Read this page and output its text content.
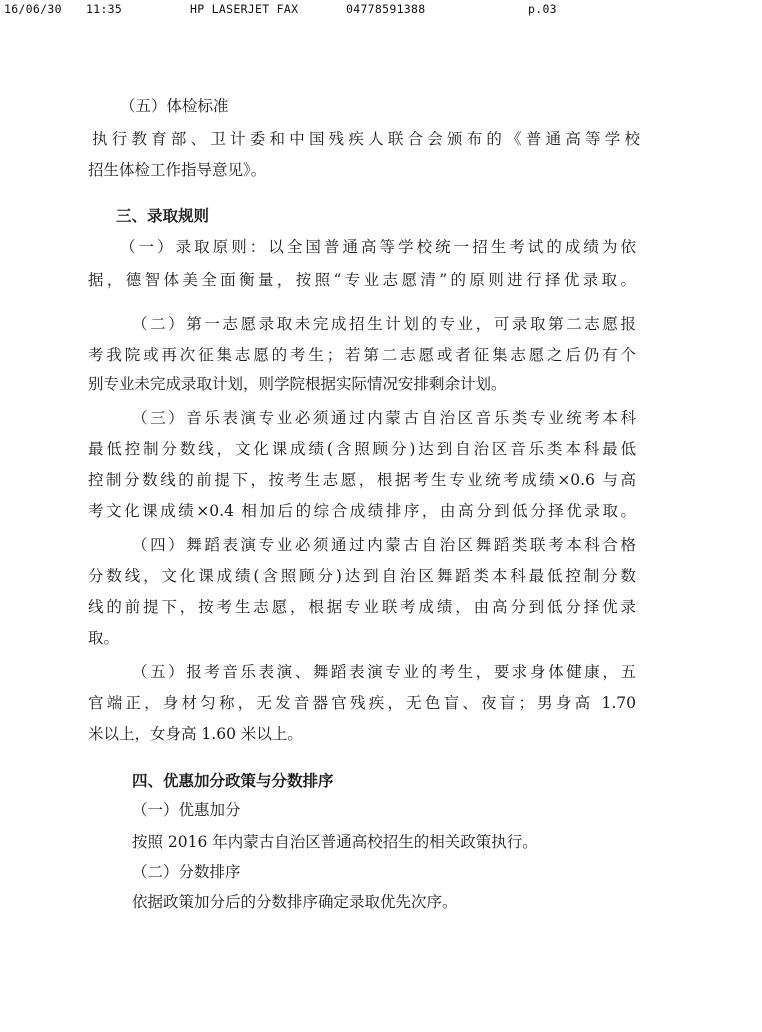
16/06/30 11:35	HP LASERJET FAX	04778591388	p.03
（五）体检标准
执行教育部、卫计委和中国残疾人联合会颁布的《普通高等学校
招生体检工作指导意见》。
三、录取规则
（一）录取原则：以全国普通高等学校统一招生考试的成绩为依
据，德智体美全面衡量，按照“专业志愿清”的原则进行择优录取。
（二）第一志愿录取未完成招生计划的专业，可录取第二志愿报
考我院或再次征集志愿的考生；若第二志愿或者征集志愿之后仍有个
别专业未完成录取计划，则学院根据实际情况安排剩余计划。
（三）音乐表演专业必须通过内蒙古自治区音乐类专业统考本科
最低控制分数线，文化课成绩(含照顾分)达到自治区音乐类本科最低
控制分数线的前提下，按考生志愿，根据考生专业统考成绩×0.6 与高
考文化课成绩×0.4 相加后的综合成绩排序，由高分到低分择优录取。
（四）舞蹈表演专业必须通过内蒙古自治区舞蹈类联考本科合格
分数线，文化课成绩(含照顾分)达到自治区舞蹈类本科最低控制分数
线的前提下，按考生志愿，根据专业联考成绩，由高分到低分择优录
取。
（五）报考音乐表演、舞蹈表演专业的考生，要求身体健康，五
官端正，身材匀称，无发音器官残疾，无色盲、夜盲；男身高 1.70
米以上，女身高 1.60 米以上。
四、优惠加分政策与分数排序
（一）优惠加分
按照 2016 年内蒙古自治区普通高校招生的相关政策执行。
（二）分数排序
依据政策加分后的分数排序确定录取优先次序。
